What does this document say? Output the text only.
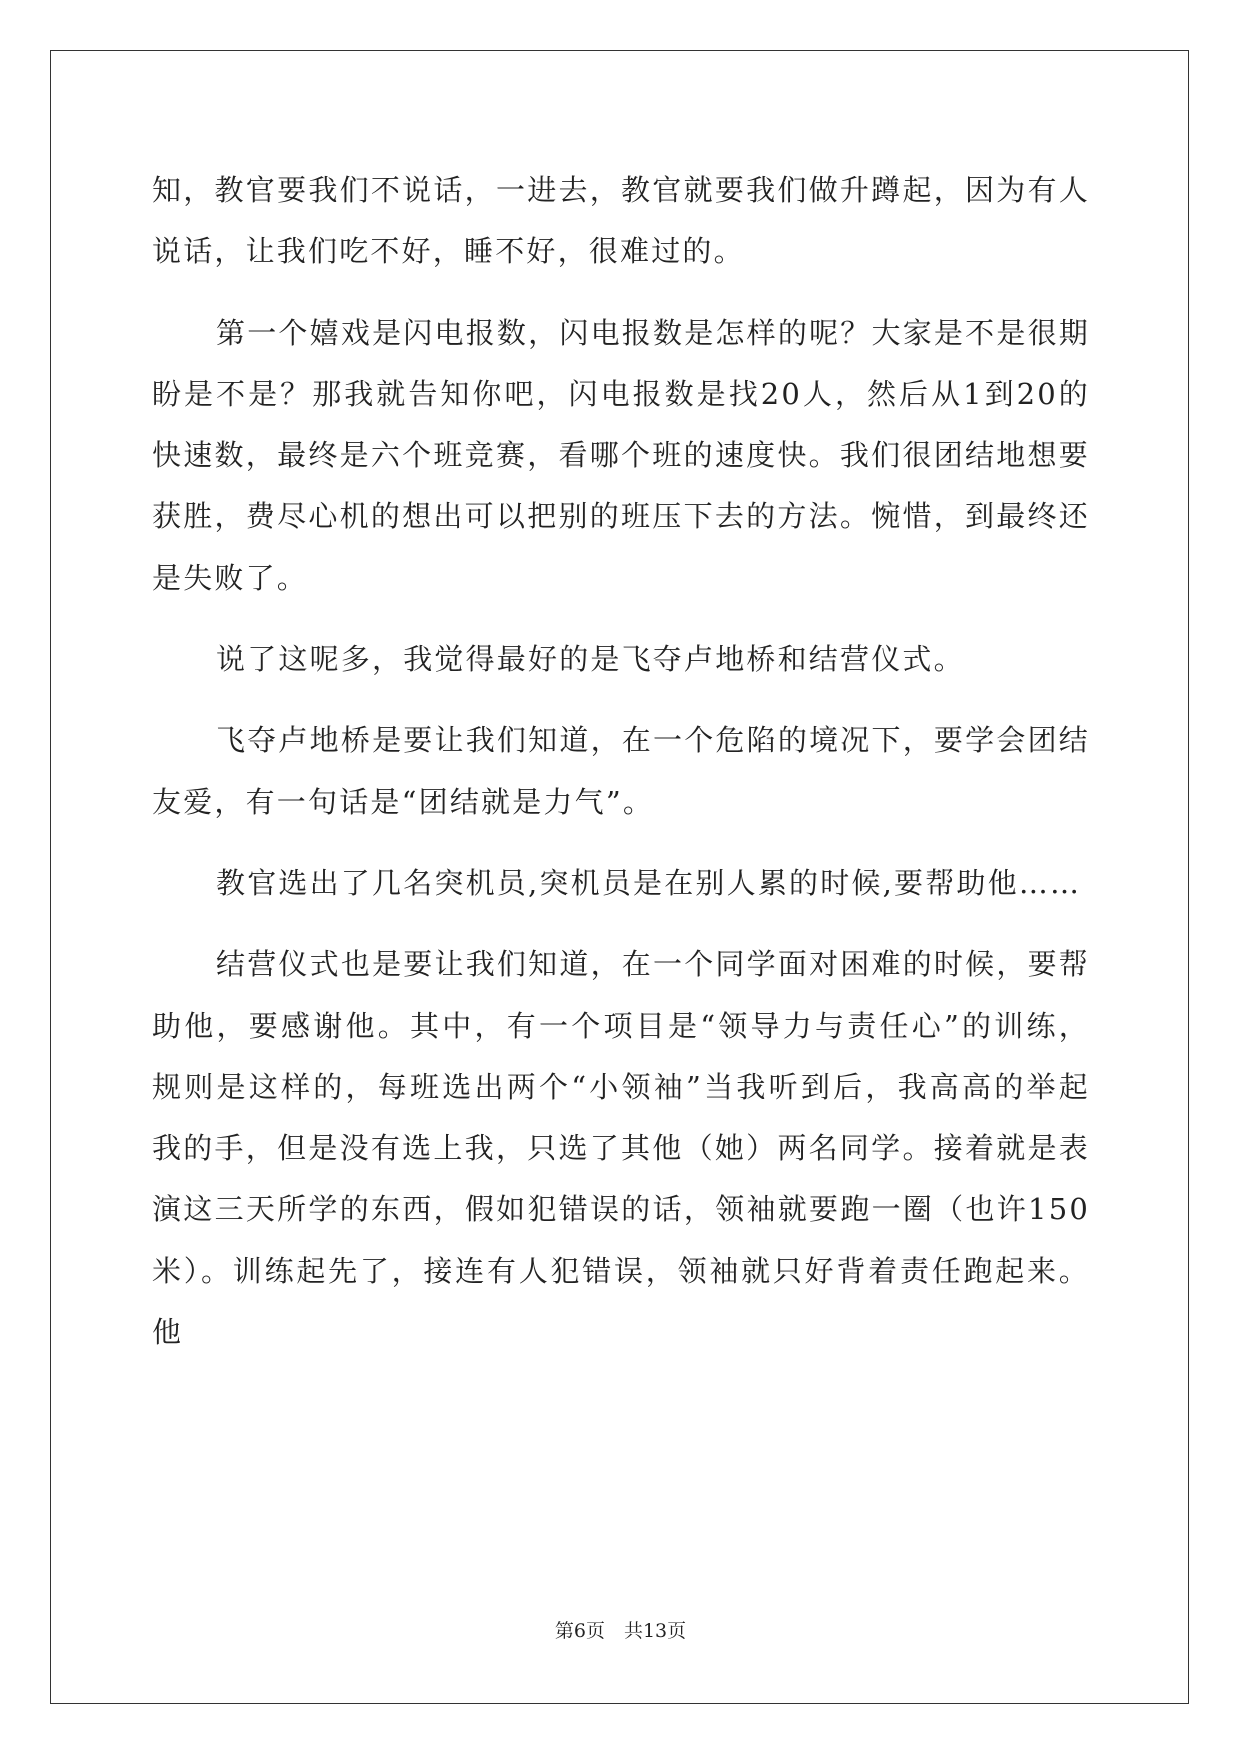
知，教官要我们不说话，一进去，教官就要我们做升蹲起，因为有人说话，让我们吃不好，睡不好，很难过的。

第一个嬉戏是闪电报数，闪电报数是怎样的呢？大家是不是很期盼是不是？那我就告知你吧，闪电报数是找20人，然后从1到20的快速数，最终是六个班竞赛，看哪个班的速度快。我们很团结地想要获胜，费尽心机的想出可以把别的班压下去的方法。惋惜，到最终还是失败了。

说了这呢多，我觉得最好的是飞夺卢地桥和结营仪式。

飞夺卢地桥是要让我们知道，在一个危陷的境况下，要学会团结友爱，有一句话是“团结就是力气”。

教官选出了几名突机员,突机员是在别人累的时候,要帮助他……

结营仪式也是要让我们知道，在一个同学面对困难的时候，要帮助他，要感谢他。其中，有一个项目是“领导力与责任心”的训练，规则是这样的，每班选出两个“小领袖”当我听到后，我高高的举起我的手，但是没有选上我，只选了其他（她）两名同学。接着就是表演这三天所学的东西，假如犯错误的话，领袖就要跑一圈（也许150米）。训练起先了，接连有人犯错误，领袖就只好背着责任跑起来。他

第6页　共13页
